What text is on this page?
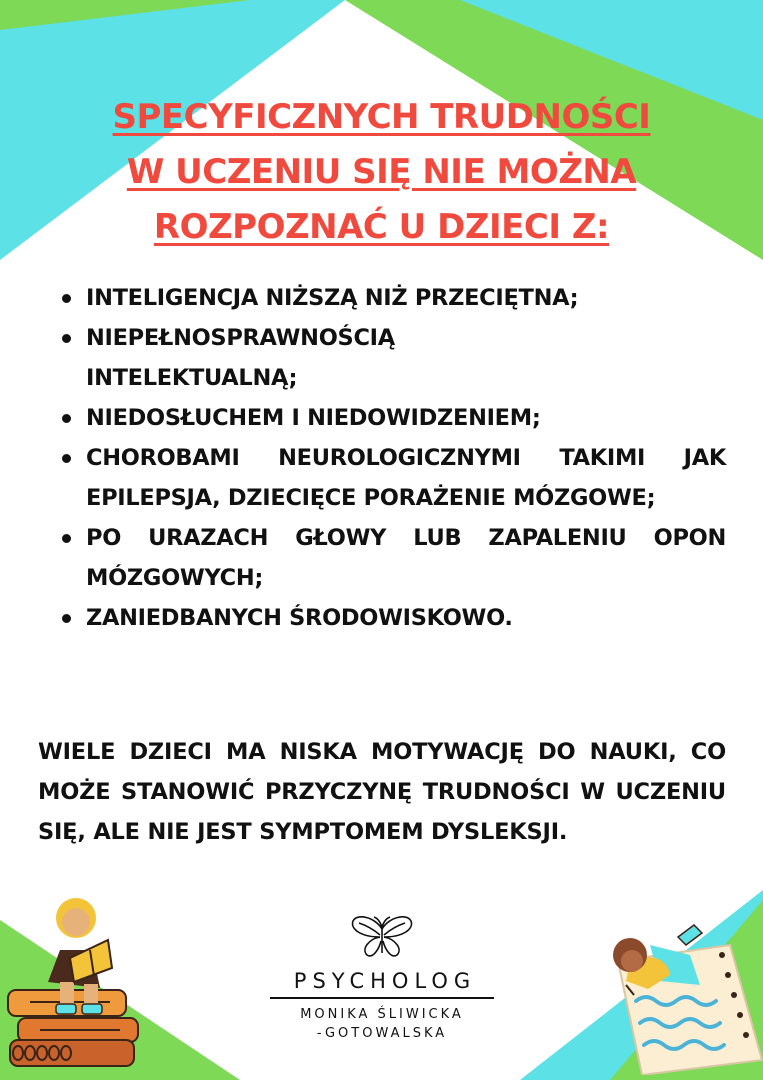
SPECYFICZNYCH TRUDNOŚCI
W UCZENIU SIĘ NIE MOŻNA
ROZPOZNAĆ U DZIECI Z:
INTELIGENCJA NIŻSZĄ NIŻ PRZECIĘTNA;
NIEPEŁNOSPRAWNOŚCIĄ INTELEKTUALNĄ;
NIEDOSŁUCHEM I NIEDOWIDZENIEM;
CHOROBAMI NEUROLOGICZNYMI TAKIMI JAK EPILEPSJA, DZIECIĘCE PORAŻENIE MÓZGOWE;
PO URAZACH GŁOWY LUB ZAPALENIU OPON MÓZGOWYCH;
ZANIEDBANYCH ŚRODOWISKOWO.

WIELE DZIECI MA NISKA MOTYWACJĘ DO NAUKI, CO MOŻE STANOWIĆ PRZYCZYNĘ TRUDNOŚCI W UCZENIU SIĘ, ALE NIE JEST SYMPTOMEM DYSLEKSJI.

PSYCHOLOG
MONIKA ŚLIWICKA
-GOTOWALSKA
